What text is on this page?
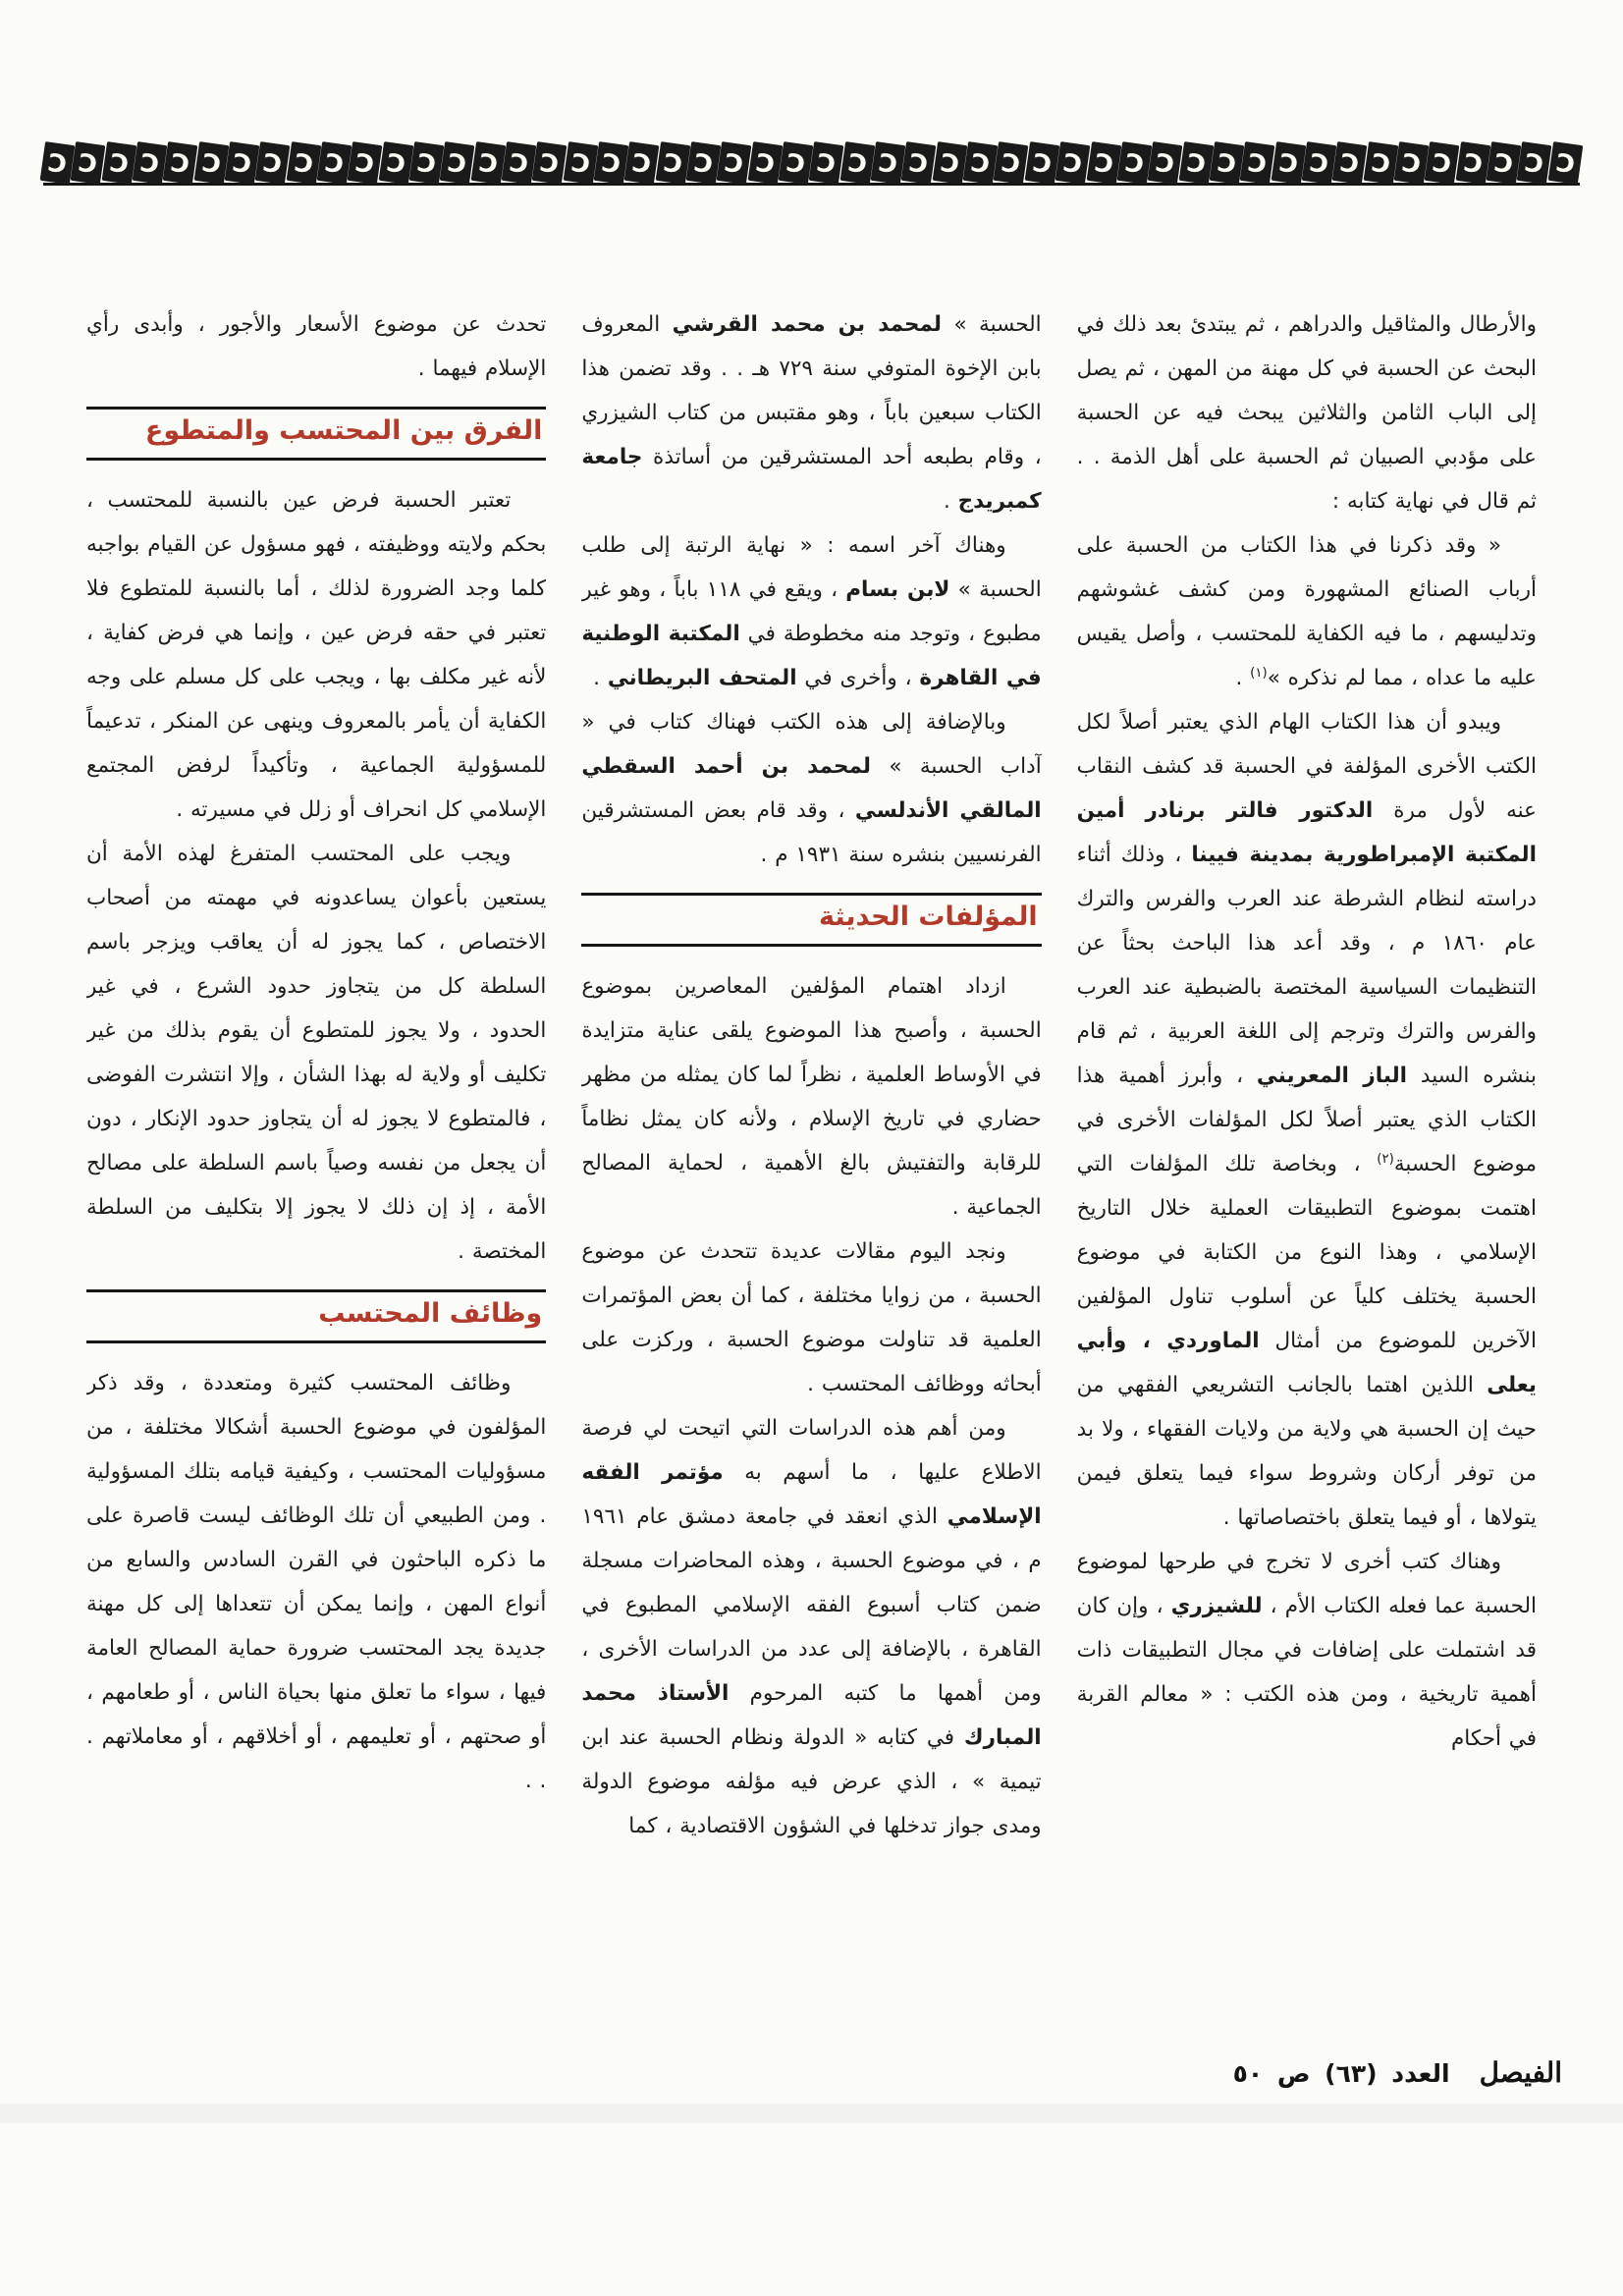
Ɔ
Ɔ
Ɔ
Ɔ
Ɔ
Ɔ
Ɔ
Ɔ
Ɔ
Ɔ
Ɔ
Ɔ
Ɔ
Ɔ
Ɔ
Ɔ
Ɔ
Ɔ
Ɔ
Ɔ
Ɔ
Ɔ
Ɔ
Ɔ
Ɔ
Ɔ
Ɔ
Ɔ
Ɔ
Ɔ
Ɔ
Ɔ
Ɔ
Ɔ
Ɔ
Ɔ
Ɔ
Ɔ
Ɔ
Ɔ
Ɔ
Ɔ
Ɔ
Ɔ
Ɔ
Ɔ
Ɔ
Ɔ
Ɔ
Ɔ

والأرطال والمثاقيل والدراهم ، ثم يبتدئ بعد ذلك في البحث عن الحسبة في كل مهنة من المهن ، ثم يصل إلى الباب الثامن والثلاثين يبحث فيه عن الحسبة على مؤدبي الصبيان ثم الحسبة على أهل الذمة . . ثم قال في نهاية كتابه :

« وقد ذكرنا في هذا الكتاب من الحسبة على أرباب الصنائع المشهورة ومن كشف غشوشهم وتدليسهم ، ما فيه الكفاية للمحتسب ، وأصل يقيس عليه ما عداه ، مما لم نذكره »$^{(١)}$ .

ويبدو أن هذا الكتاب الهام الذي يعتبر أصلاً لكل الكتب الأخرى المؤلفة في الحسبة قد كشف النقاب عنه لأول مرة الدكتور فالتر برنادر أمين المكتبة الإمبراطورية بمدينة فيينا ، وذلك أثناء دراسته لنظام الشرطة عند العرب والفرس والترك عام ١٨٦٠ م ، وقد أعد هذا الباحث بحثاً عن التنظيمات السياسية المختصة بالضبطية عند العرب والفرس والترك وترجم إلى اللغة العربية ، ثم قام بنشره السيد الباز المعريني ، وأبرز أهمية هذا الكتاب الذي يعتبر أصلاً لكل المؤلفات الأخرى في موضوع الحسبة$^{(٢)}$ ، وبخاصة تلك المؤلفات التي اهتمت بموضوع التطبيقات العملية خلال التاريخ الإسلامي ، وهذا النوع من الكتابة في موضوع الحسبة يختلف كلياً عن أسلوب تناول المؤلفين الآخرين للموضوع من أمثال الماوردي ، وأبي يعلى اللذين اهتما بالجانب التشريعي الفقهي من حيث إن الحسبة هي ولاية من ولايات الفقهاء ، ولا بد من توفر أركان وشروط سواء فيما يتعلق فيمن يتولاها ، أو فيما يتعلق باختصاصاتها .

وهناك كتب أخرى لا تخرج في طرحها لموضوع الحسبة عما فعله الكتاب الأم ، للشيزري ، وإن كان قد اشتملت على إضافات في مجال التطبيقات ذات أهمية تاريخية ، ومن هذه الكتب : « معالم القربة في أحكام

الحسبة » لمحمد بن محمد القرشي المعروف بابن الإخوة المتوفي سنة ٧٢٩ هـ . . وقد تضمن هذا الكتاب سبعين باباً ، وهو مقتبس من كتاب الشيزري ، وقام بطبعه أحد المستشرقين من أساتذة جامعة كمبريدج .

وهناك آخر اسمه : « نهاية الرتبة إلى طلب الحسبة » لابن بسام ، ويقع في ١١٨ باباً ، وهو غير مطبوع ، وتوجد منه مخطوطة في المكتبة الوطنية في القاهرة ، وأخرى في المتحف البريطاني .

وبالإضافة إلى هذه الكتب فهناك كتاب في « آداب الحسبة » لمحمد بن أحمد السقطي المالقي الأندلسي ، وقد قام بعض المستشرقين الفرنسيين بنشره سنة ١٩٣١ م .

المؤلفات الحديثة

ازداد اهتمام المؤلفين المعاصرين بموضوع الحسبة ، وأصبح هذا الموضوع يلقى عناية متزايدة في الأوساط العلمية ، نظراً لما كان يمثله من مظهر حضاري في تاريخ الإسلام ، ولأنه كان يمثل نظاماً للرقابة والتفتيش بالغ الأهمية ، لحماية المصالح الجماعية .

ونجد اليوم مقالات عديدة تتحدث عن موضوع الحسبة ، من زوايا مختلفة ، كما أن بعض المؤتمرات العلمية قد تناولت موضوع الحسبة ، وركزت على أبحاثه ووظائف المحتسب .

ومن أهم هذه الدراسات التي اتيحت لي فرصة الاطلاع عليها ، ما أسهم به مؤتمر الفقه الإسلامي الذي انعقد في جامعة دمشق عام ١٩٦١ م ، في موضوع الحسبة ، وهذه المحاضرات مسجلة ضمن كتاب أسبوع الفقه الإسلامي المطبوع في القاهرة ، بالإضافة إلى عدد من الدراسات الأخرى ، ومن أهمها ما كتبه المرحوم الأستاذ محمد المبارك في كتابه « الدولة ونظام الحسبة عند ابن تيمية » ، الذي عرض فيه مؤلفه موضوع الدولة ومدى جواز تدخلها في الشؤون الاقتصادية ، كما

تحدث عن موضوع الأسعار والأجور ، وأبدى رأي الإسلام فيهما .

الفرق بين المحتسب والمتطوع

تعتبر الحسبة فرض عين بالنسبة للمحتسب ، بحكم ولايته ووظيفته ، فهو مسؤول عن القيام بواجبه كلما وجد الضرورة لذلك ، أما بالنسبة للمتطوع فلا تعتبر في حقه فرض عين ، وإنما هي فرض كفاية ، لأنه غير مكلف بها ، ويجب على كل مسلم على وجه الكفاية أن يأمر بالمعروف وينهى عن المنكر ، تدعيماً للمسؤولية الجماعية ، وتأكيداً لرفض المجتمع الإسلامي كل انحراف أو زلل في مسيرته .

ويجب على المحتسب المتفرغ لهذه الأمة أن يستعين بأعوان يساعدونه في مهمته من أصحاب الاختصاص ، كما يجوز له أن يعاقب ويزجر باسم السلطة كل من يتجاوز حدود الشرع ، في غير الحدود ، ولا يجوز للمتطوع أن يقوم بذلك من غير تكليف أو ولاية له بهذا الشأن ، وإلا انتشرت الفوضى ، فالمتطوع لا يجوز له أن يتجاوز حدود الإنكار ، دون أن يجعل من نفسه وصياً باسم السلطة على مصالح الأمة ، إذ إن ذلك لا يجوز إلا بتكليف من السلطة المختصة .

وظائف المحتسب

وظائف المحتسب كثيرة ومتعددة ، وقد ذكر المؤلفون في موضوع الحسبة أشكالا مختلفة ، من مسؤوليات المحتسب ، وكيفية قيامه بتلك المسؤولية . ومن الطبيعي أن تلك الوظائف ليست قاصرة على ما ذكره الباحثون في القرن السادس والسابع من أنواع المهن ، وإنما يمكن أن تتعداها إلى كل مهنة جديدة يجد المحتسب ضرورة حماية المصالح العامة فيها ، سواء ما تعلق منها بحياة الناس ، أو طعامهم ، أو صحتهم ، أو تعليمهم ، أو أخلاقهم ، أو معاملاتهم . . .

الفيصل
العدد (٦٣) ص ٥٠
